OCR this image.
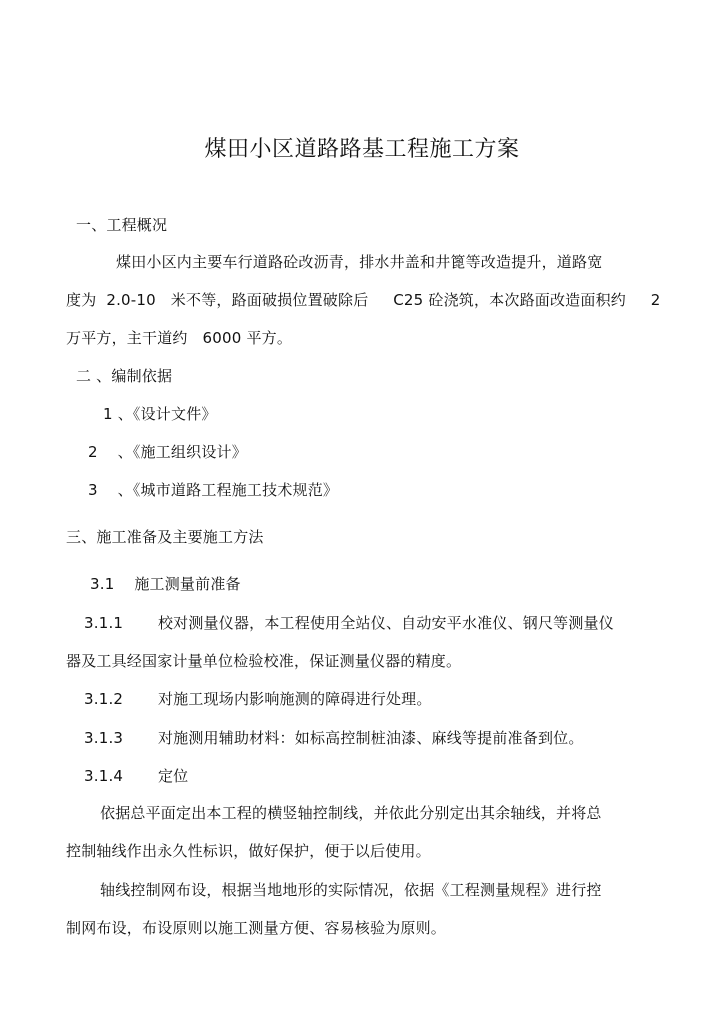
煤田小区道路路基工程施工方案
一、工程概况
煤田小区内主要车行道路砼改沥青，排水井盖和井篦等改造提升，道路宽
度为  2.0-10   米不等，路面破损位置破除后     C25 砼浇筑，本次路面改造面积约     2
万平方，主干道约   6000 平方。
二 、编制依据
1 、《设计文件》
2    、《施工组织设计》
3    、《城市道路工程施工技术规范》
三、施工准备及主要施工方法
3.1    施工测量前准备
3.1.1       校对测量仪器，本工程使用全站仪、自动安平水准仪、钢尺等测量仪
器及工具经国家计量单位检验校准，保证测量仪器的精度。
3.1.2       对施工现场内影响施测的障碍进行处理。
3.1.3       对施测用辅助材料：如标高控制桩油漆、麻线等提前准备到位。
3.1.4       定位
依据总平面定出本工程的横竖轴控制线，并依此分别定出其余轴线，并将总
控制轴线作出永久性标识，做好保护，便于以后使用。
轴线控制网布设，根据当地地形的实际情况，依据《工程测量规程》进行控
制网布设，布设原则以施工测量方便、容易核验为原则。
